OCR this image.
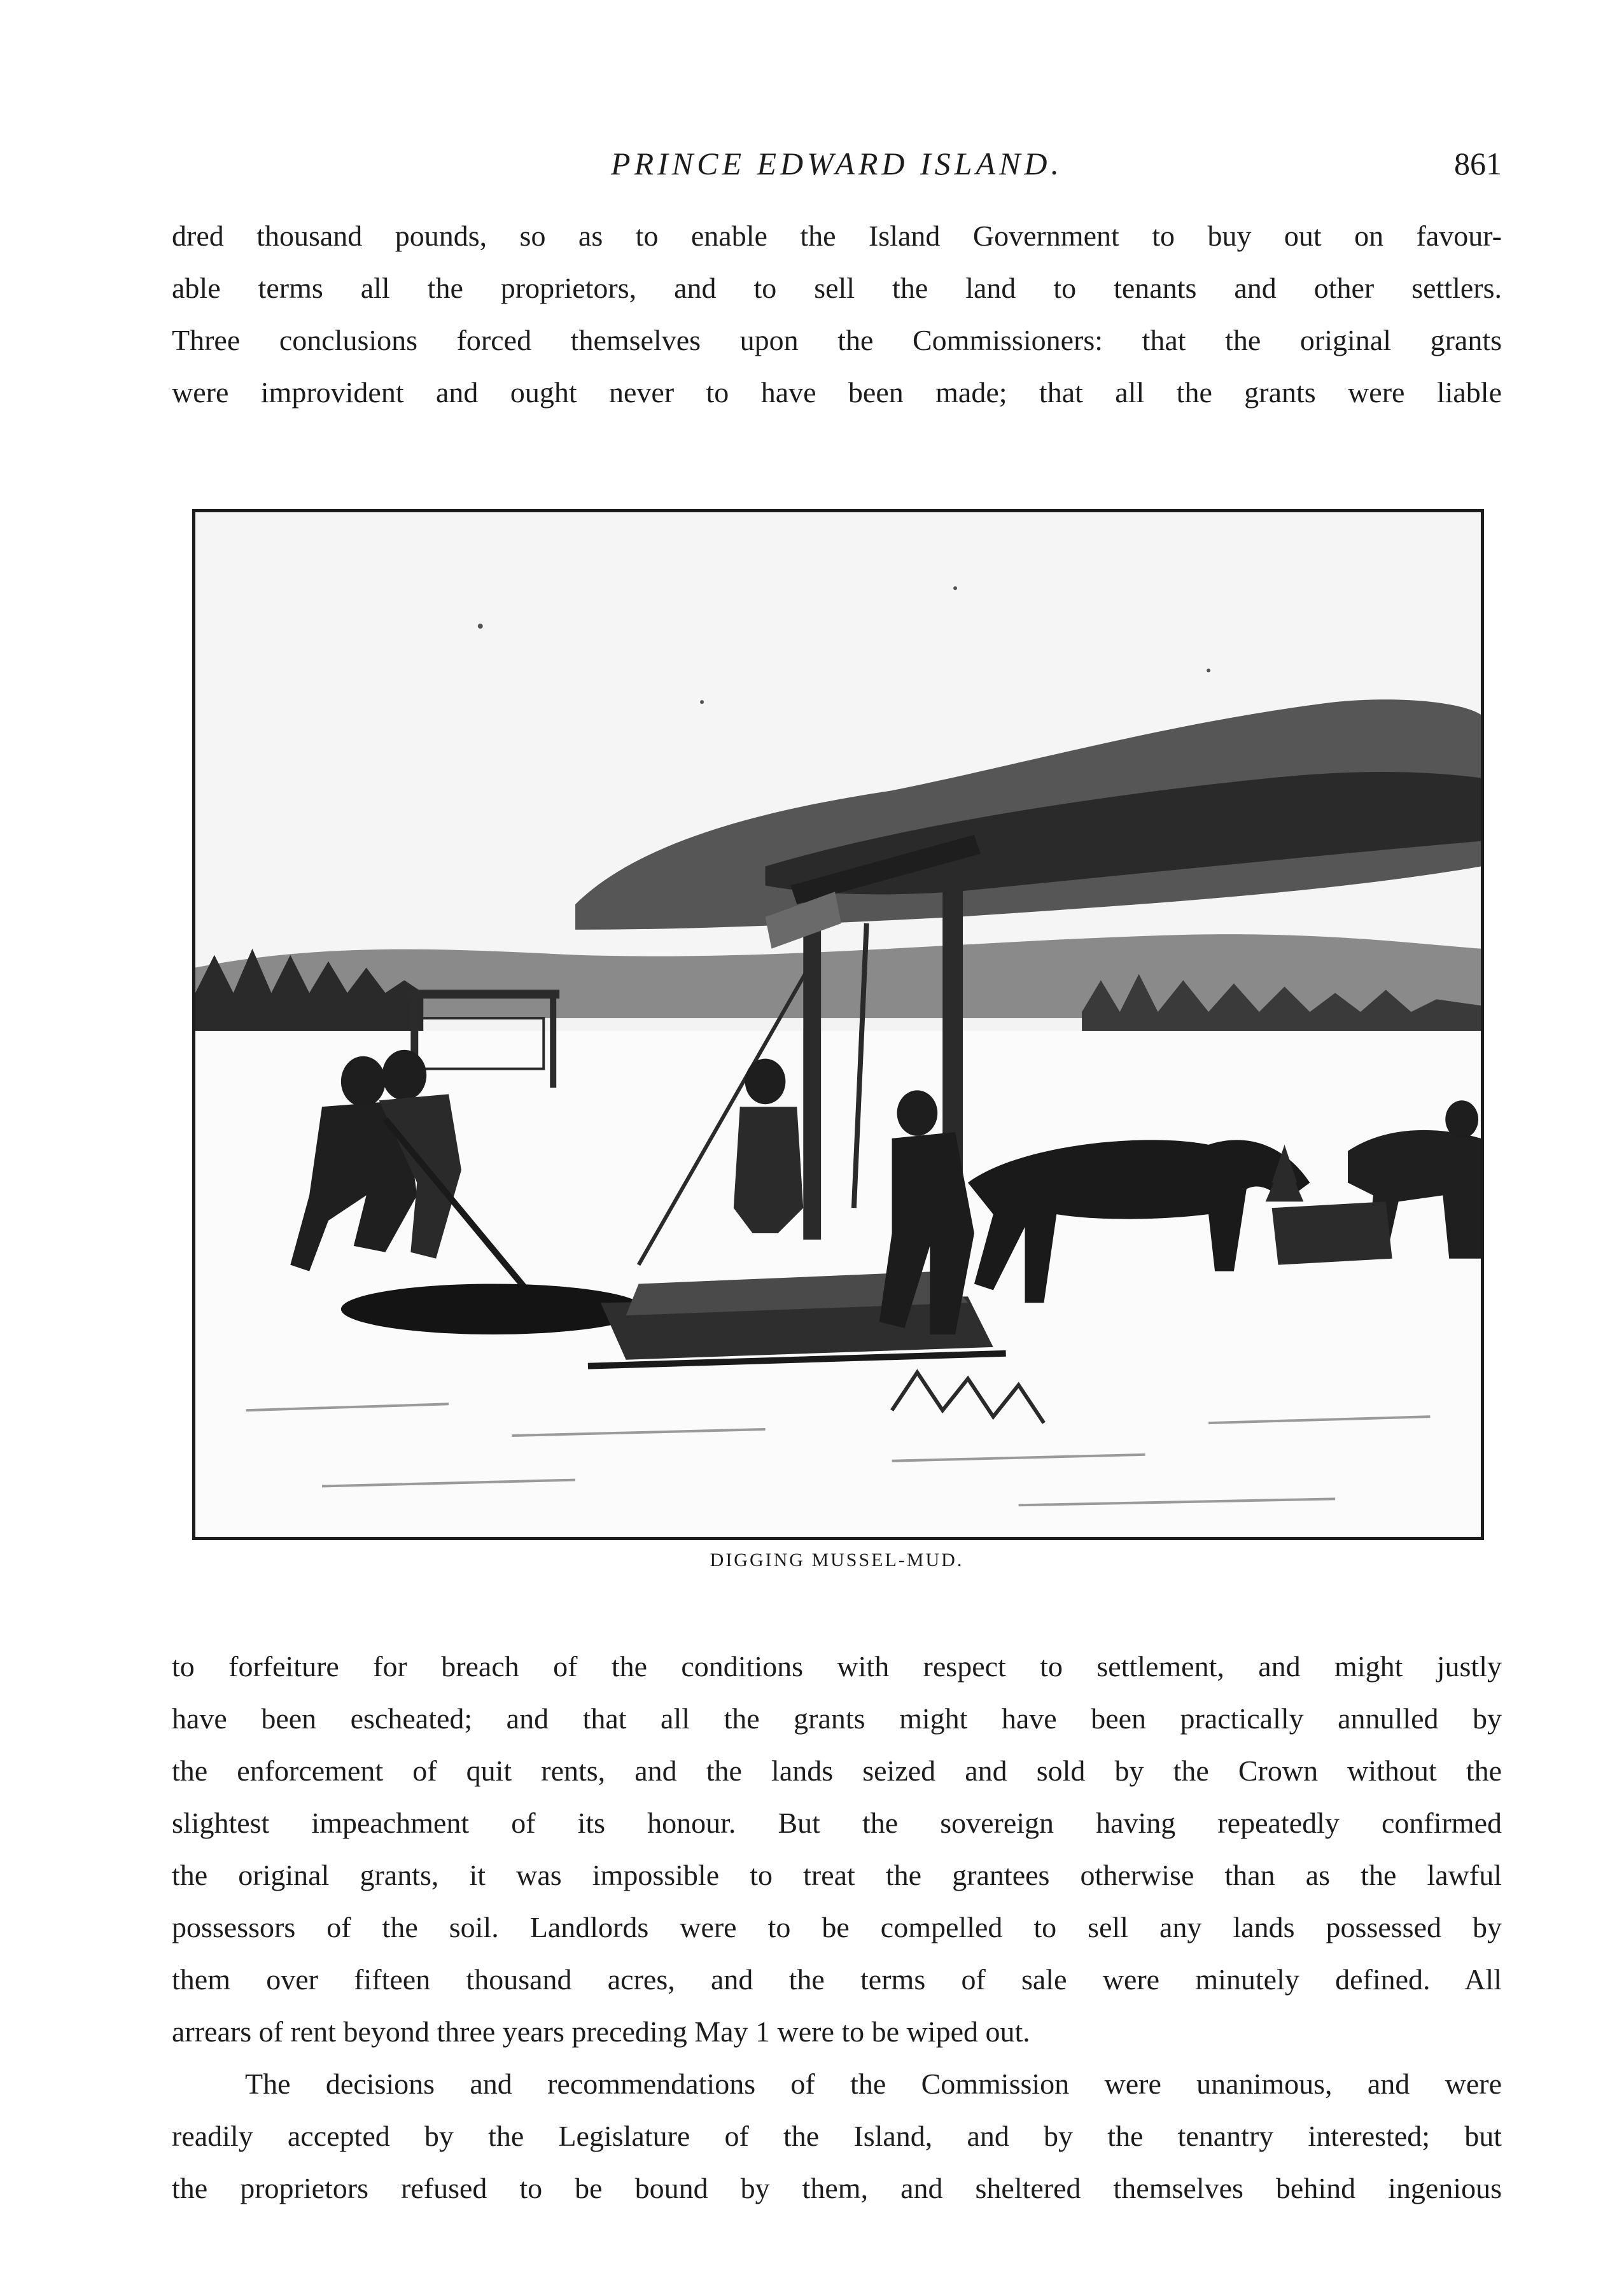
PRINCE EDWARD ISLAND.	861
dred thousand pounds, so as to enable the Island Government to buy out on favour-
able terms all the proprietors, and to sell the land to tenants and other settlers.
Three conclusions forced themselves upon the Commissioners: that the original grants
were improvident and ought never to have been made; that all the grants were liable
DIGGING MUSSEL-MUD.
to forfeiture for breach of the conditions with respect to settlement, and might justly
have been escheated; and that all the grants might have been practically annulled by
the enforcement of quit rents, and the lands seized and sold by the Crown without the
slightest impeachment of its honour. But the sovereign having repeatedly confirmed
the original grants, it was impossible to treat the grantees otherwise than as the lawful
possessors of the soil. Landlords were to be compelled to sell any lands possessed by
them over fifteen thousand acres, and the terms of sale were minutely defined. All
arrears of rent beyond three years preceding May 1 were to be wiped out.
The decisions and recommendations of the Commission were unanimous, and were
readily accepted by the Legislature of the Island, and by the tenantry interested; but
the proprietors refused to be bound by them, and sheltered themselves behind ingenious
